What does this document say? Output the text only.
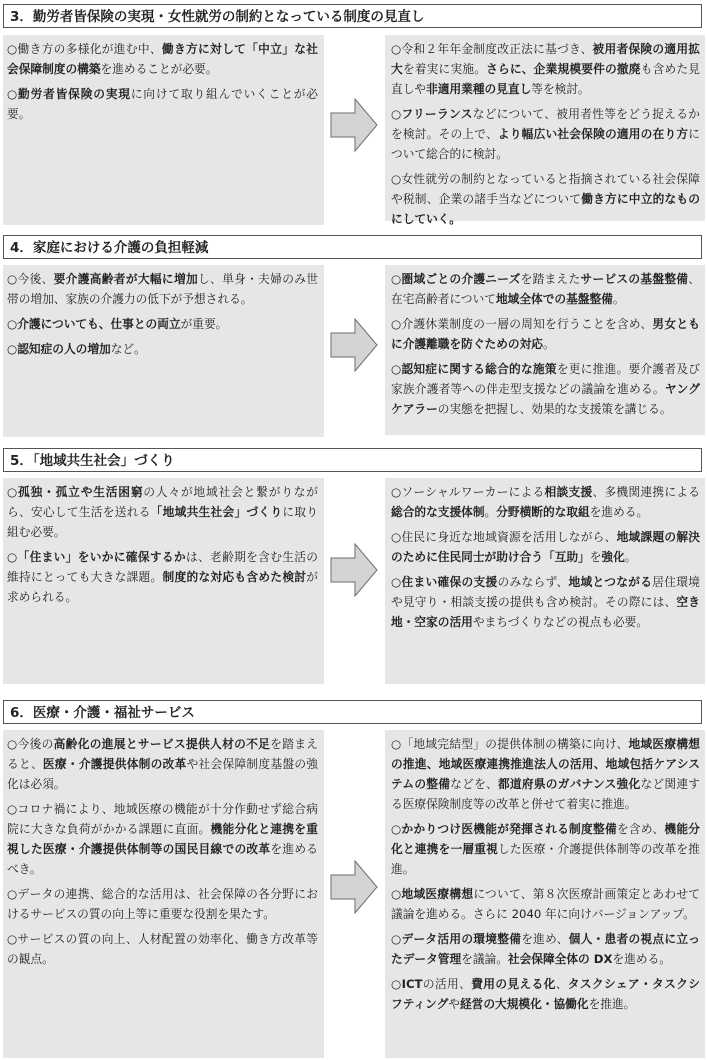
3．勤労者皆保険の実現・女性就労の制約となっている制度の見直し
○働き方の多様化が進む中、働き方に対して「中立」な社会保障制度の構築を進めることが必要。
○勤労者皆保険の実現に向けて取り組んでいくことが必要。
○令和２年年金制度改正法に基づき、被用者保険の適用拡大を着実に実施。さらに、企業規模要件の撤廃も含めた見直しや非適用業種の見直し等を検討。
○フリーランスなどについて、被用者性等をどう捉えるかを検討。その上で、より幅広い社会保険の適用の在り方について総合的に検討。
○女性就労の制約となっていると指摘されている社会保障や税制、企業の諸手当などについて働き方に中立的なものにしていく。
4．家庭における介護の負担軽減
○今後、要介護高齢者が大幅に増加し、単身・夫婦のみ世帯の増加、家族の介護力の低下が予想される。
○介護についても、仕事との両立が重要。
○認知症の人の増加など。
○圏域ごとの介護ニーズを踏まえたサービスの基盤整備、在宅高齢者について地域全体での基盤整備。
○介護休業制度の一層の周知を行うことを含め、男女ともに介護離職を防ぐための対応。
○認知症に関する総合的な施策を更に推進。要介護者及び家族介護者等への伴走型支援などの議論を進める。ヤングケアラーの実態を把握し、効果的な支援策を講じる。
5．「地域共生社会」づくり
○孤独・孤立や生活困窮の人々が地域社会と繋がりながら、安心して生活を送れる「地域共生社会」づくりに取り組む必要。
○「住まい」をいかに確保するかは、老齢期を含む生活の維持にとっても大きな課題。制度的な対応も含めた検討が求められる。
○ソーシャルワーカーによる相談支援、多機関連携による総合的な支援体制。分野横断的な取組を進める。
○住民に身近な地域資源を活用しながら、地域課題の解決のために住民同士が助け合う「互助」を強化。
○住まい確保の支援のみならず、地域とつながる居住環境や見守り・相談支援の提供も含め検討。その際には、空き地・空家の活用やまちづくりなどの視点も必要。
6．医療・介護・福祉サービス
○今後の高齢化の進展とサービス提供人材の不足を踏まえると、医療・介護提供体制の改革や社会保障制度基盤の強化は必須。
○コロナ禍により、地域医療の機能が十分作動せず総合病院に大きな負荷がかかる課題に直面。機能分化と連携を重視した医療・介護提供体制等の国民目線での改革を進めるべき。
○データの連携、総合的な活用は、社会保障の各分野におけるサービスの質の向上等に重要な役割を果たす。
○サービスの質の向上、人材配置の効率化、働き方改革等の観点。
○「地域完結型」の提供体制の構築に向け、地域医療構想の推進、地域医療連携推進法人の活用、地域包括ケアシステムの整備などを、都道府県のガバナンス強化など関連する医療保険制度等の改革と併せて着実に推進。
○かかりつけ医機能が発揮される制度整備を含め、機能分化と連携を一層重視した医療・介護提供体制等の改革を推進。
○地域医療構想について、第８次医療計画策定とあわせて議論を進める。さらに 2040 年に向けバージョンアップ。
○データ活用の環境整備を進め、個人・患者の視点に立ったデータ管理を議論。社会保障全体の DXを進める。
○ICTの活用、費用の見える化、タスクシェア・タスクシフティングや経営の大規模化・協働化を推進。
